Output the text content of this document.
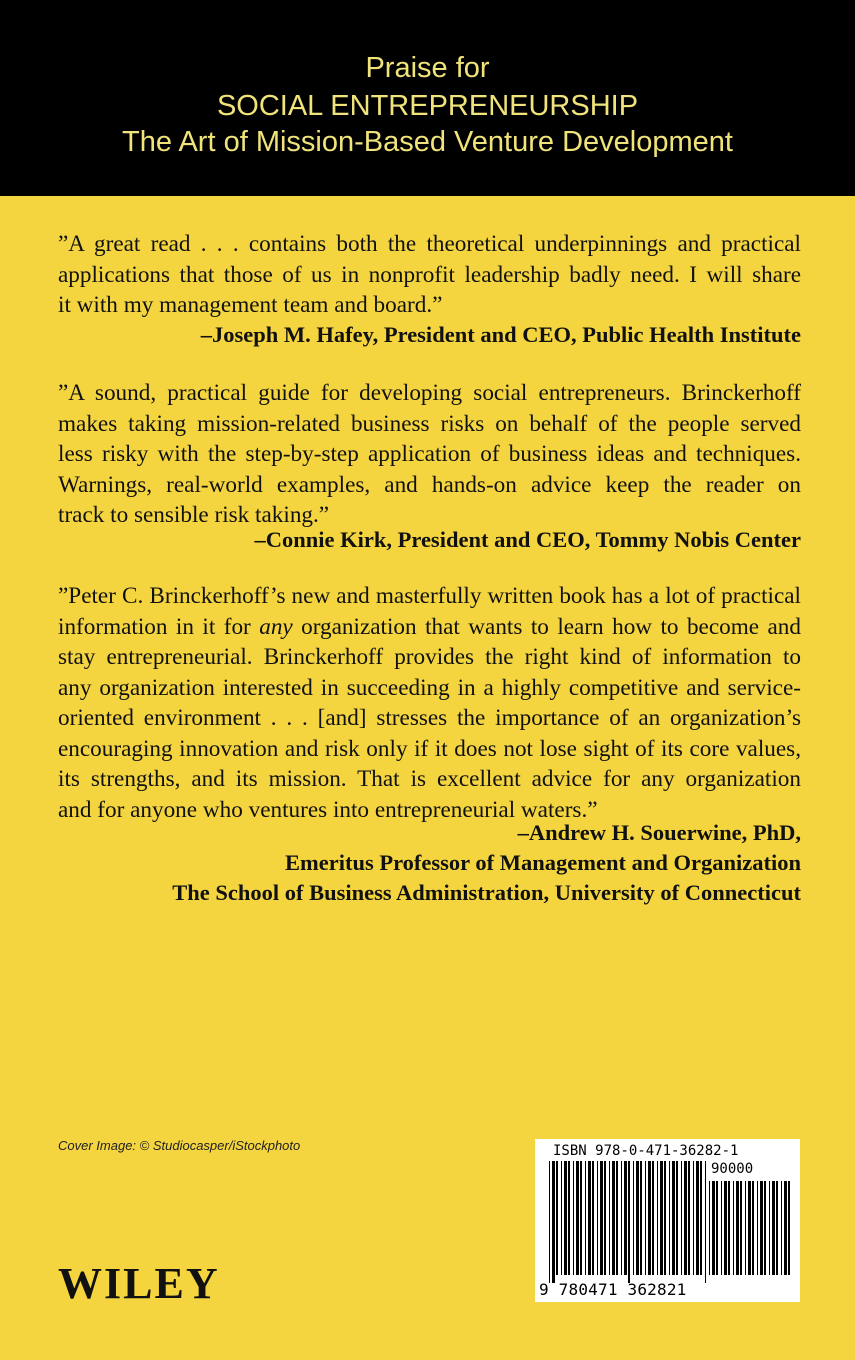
Praise for
SOCIAL ENTREPRENEURSHIP
The Art of Mission-Based Venture Development
”A great read . . . contains both the theoretical underpinnings and practical
applications that those of us in nonprofit leadership badly need. I will share
it with my management team and board.”
–Joseph M. Hafey, President and CEO, Public Health Institute
”A sound, practical guide for developing social entrepreneurs. Brinckerhoff
makes taking mission-related business risks on behalf of the people served
less risky with the step-by-step application of business ideas and techniques.
Warnings, real-world examples, and hands-on advice keep the reader on
track to sensible risk taking.”
–Connie Kirk, President and CEO, Tommy Nobis Center
”Peter C. Brinckerhoff’s new and masterfully written book has a lot of practical
information in it for any organization that wants to learn how to become and
stay entrepreneurial. Brinckerhoff provides the right kind of information to
any organization interested in succeeding in a highly competitive and service-
oriented environment . . . [and] stresses the importance of an organization’s
encouraging innovation and risk only if it does not lose sight of its core values,
its strengths, and its mission. That is excellent advice for any organization
and for anyone who ventures into entrepreneurial waters.”
–Andrew H. Souerwine, PhD,
Emeritus Professor of Management and Organization
The School of Business Administration, University of Connecticut
Cover Image: © Studiocasper/iStockphoto
WILEY
ISBN 978-0-471-36282-1
90000
9 780471 362821
